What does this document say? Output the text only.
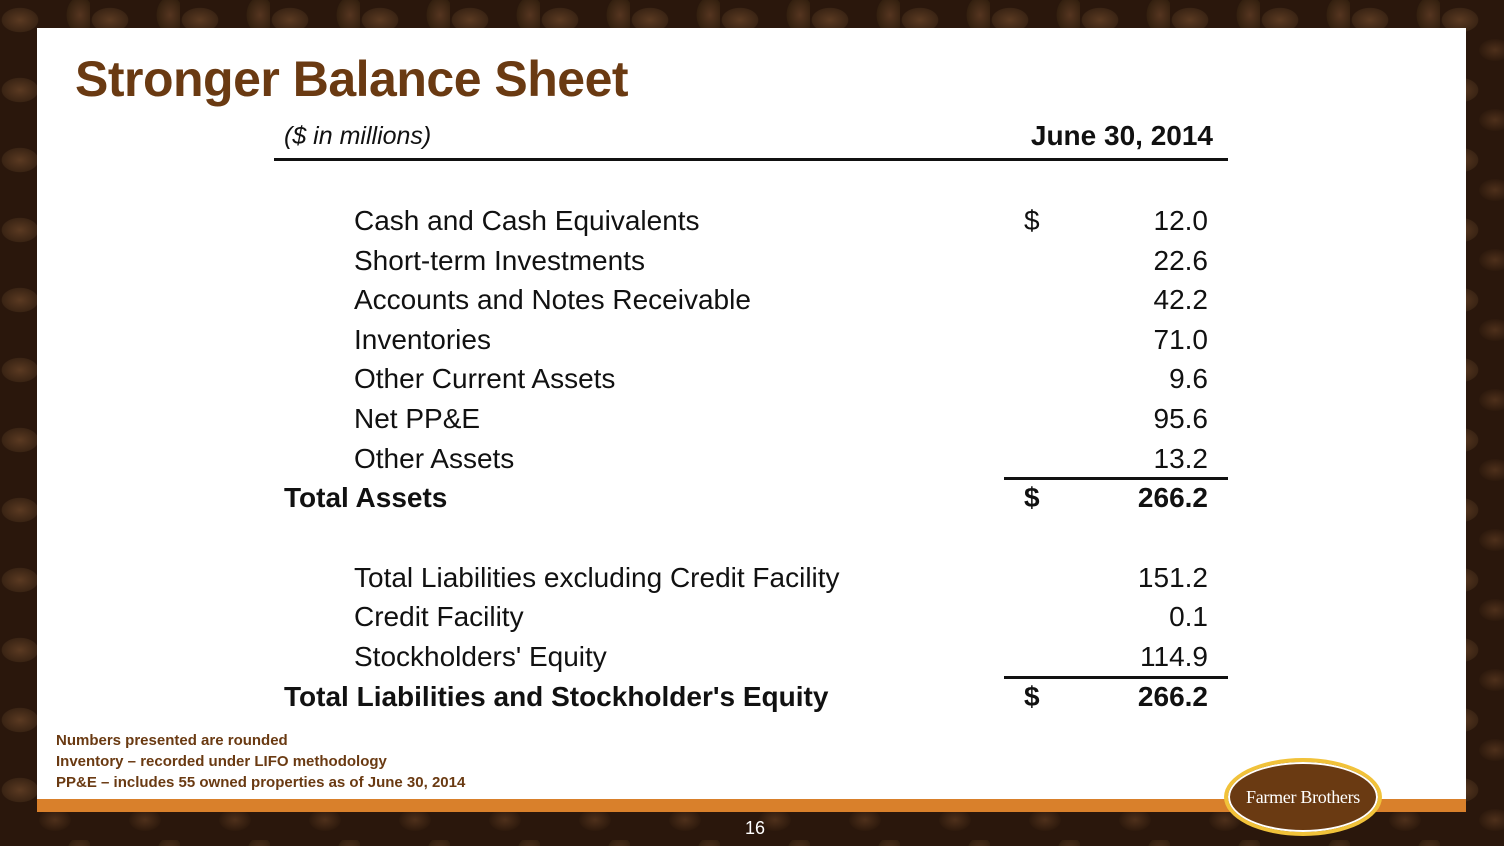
Stronger Balance Sheet
($ in millions)	June 30, 2014
Cash and Cash Equivalents	$	12.0
Short-term Investments	22.6
Accounts and Notes Receivable	42.2
Inventories	71.0
Other Current Assets	9.6
Net PP&E	95.6
Other Assets	13.2
Total Assets	$	266.2
Total Liabilities excluding Credit Facility	151.2
Credit Facility	0.1
Stockholders' Equity	114.9
Total Liabilities and Stockholder's Equity	$	266.2
Numbers presented are rounded
Inventory – recorded under LIFO methodology
PP&E – includes 55 owned properties as of June 30, 2014
Farmer Brothers
16
